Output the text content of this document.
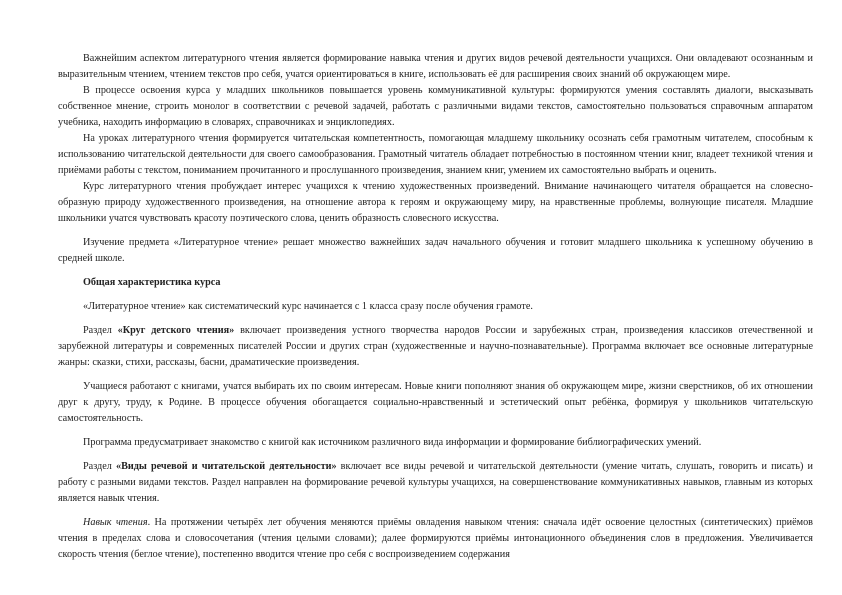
Важнейшим аспектом литературного чтения является формирование навыка чтения и других видов речевой деятельности учащихся. Они овладевают осознанным и выразительным чтением, чтением текстов про себя, учатся ориентироваться в книге, использовать её для расширения своих знаний об окружающем мире.

В процессе освоения курса у младших школьников повышается уровень коммуникативной культуры: формируются умения составлять диалоги, высказывать собственное мнение, строить монолог в соответствии с речевой задачей, работать с различными видами текстов, самостоятельно пользоваться справочным аппаратом учебника, находить информацию в словарях, справочниках и энциклопедиях.

На уроках литературного чтения формируется читательская компетентность, помогающая младшему школьнику осознать себя грамотным читателем, способным к использованию читательской деятельности для своего самообразования. Грамотный читатель обладает потребностью в постоянном чтении книг, владеет техникой чтения и приёмами работы с текстом, пониманием прочитанного и прослушанного произведения, знанием книг, умением их самостоятельно выбрать и оценить.

Курс литературного чтения пробуждает интерес учащихся к чтению художественных произведений. Внимание начинающего читателя обращается на словесно-образную природу художественного произведения, на отношение автора к героям и окружающему миру, на нравственные проблемы, волнующие писателя. Младшие школьники учатся чувствовать красоту поэтического слова, ценить образность словесного искусства.

Изучение предмета «Литературное чтение» решает множество важнейших задач начального обучения и готовит младшего школьника к успешному обучению в средней школе.

Общая характеристика курса

«Литературное чтение» как систематический курс начинается с 1 класса сразу после обучения грамоте.

Раздел «Круг детского чтения» включает произведения устного творчества народов России и зарубежных стран, произведения классиков отечественной и зарубежной литературы и современных писателей России и других стран (художественные и научно-познавательные). Программа включает все основные литературные жанры: сказки, стихи, рассказы, басни, драматические произведения.

Учащиеся работают с книгами, учатся выбирать их по своим интересам. Новые книги пополняют знания об окружающем мире, жизни сверстников, об их отношении друг к другу, труду, к Родине. В процессе обучения обогащается социально-нравственный и эстетический опыт ребёнка, формируя у школьников читательскую самостоятельность.

Программа предусматривает знакомство с книгой как источником различного вида информации и формирование библиографических умений.

Раздел «Виды речевой и читательской деятельности» включает все виды речевой и читательской деятельности (умение читать, слушать, говорить и писать) и работу с разными видами текстов. Раздел направлен на формирование речевой культуры учащихся, на совершенствование коммуникативных навыков, главным из которых является навык чтения.

Навык чтения. На протяжении четырёх лет обучения меняются приёмы овладения навыком чтения: сначала идёт освоение целостных (синтетических) приёмов чтения в пределах слова и словосочетания (чтения целыми словами); далее формируются приёмы интонационного объединения слов в предложения. Увеличивается скорость чтения (беглое чтение), постепенно вводится чтение про себя с воспроизведением содержания
